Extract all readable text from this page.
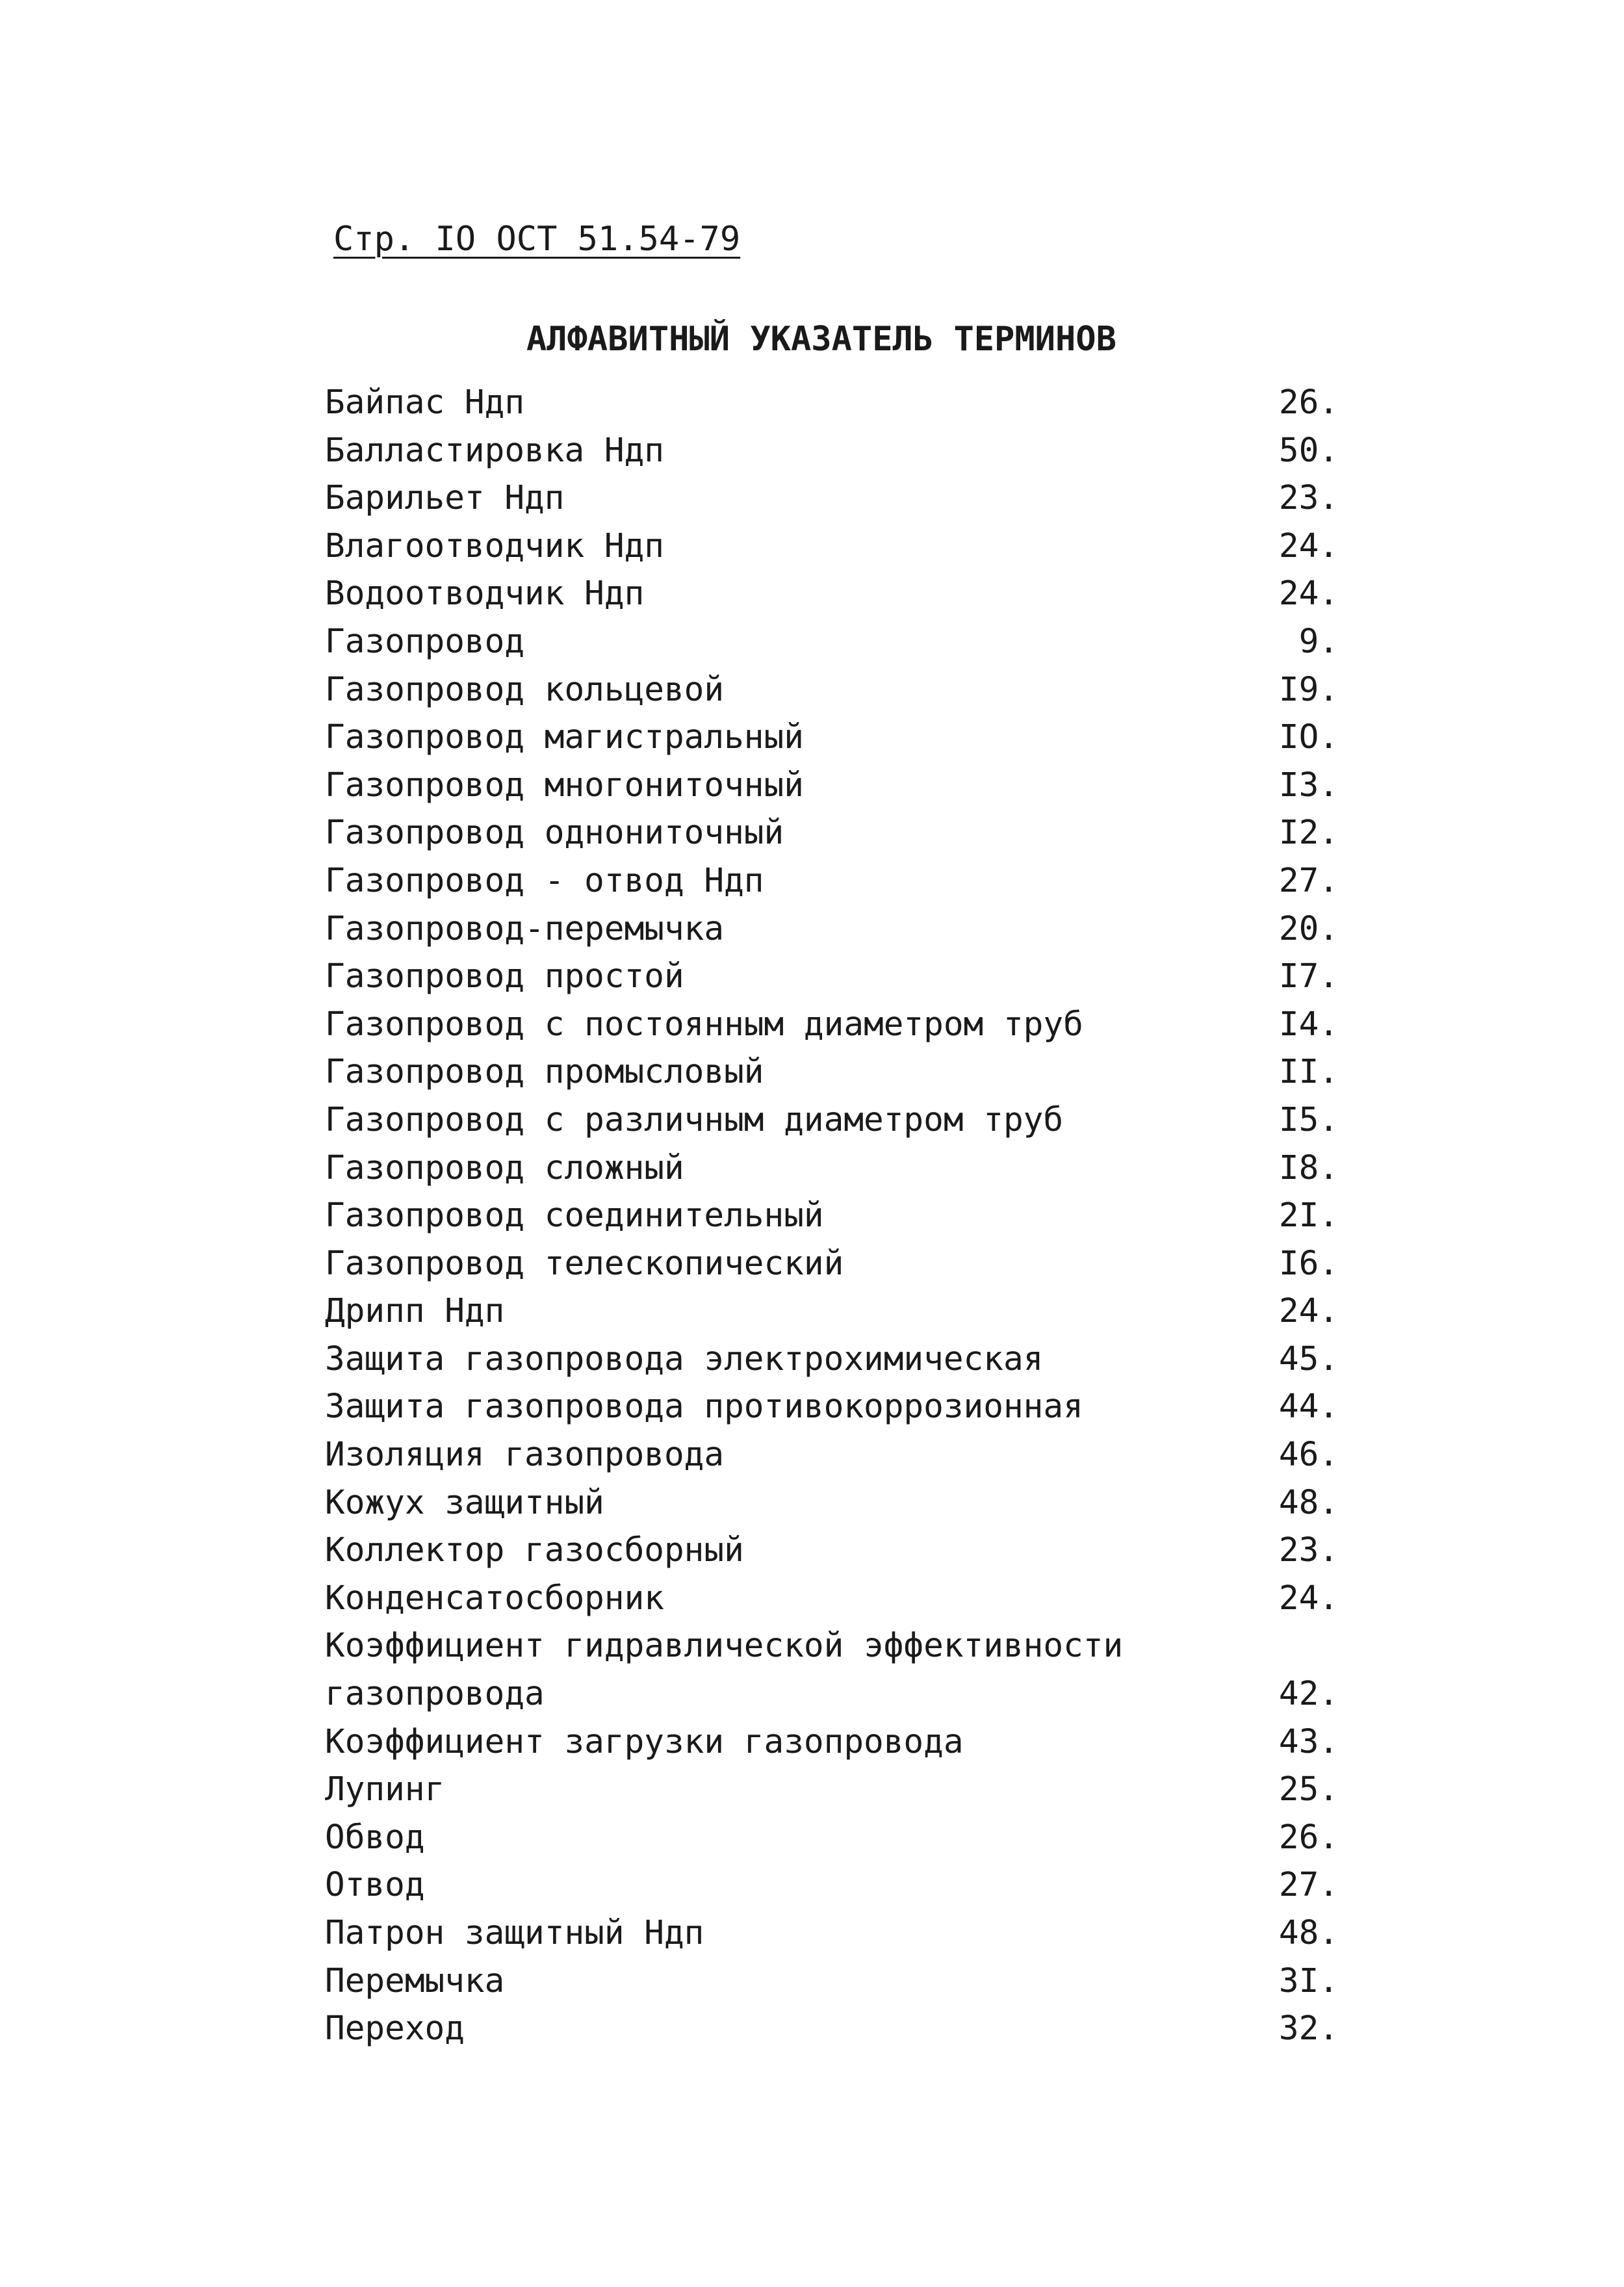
Стр. IO ОСТ 51.54-79
АЛФАВИТНЫЙ УКАЗАТЕЛЬ ТЕРМИНОВ
Байпас Ндп	26.
Балластировка Ндп	50.
Барильет Ндп	23.
Влагоотводчик Ндп	24.
Водоотводчик Ндп	24.
Газопровод	9.
Газопровод кольцевой	I9.
Газопровод магистральный	IO.
Газопровод многониточный	I3.
Газопровод однониточный	I2.
Газопровод - отвод Ндп	27.
Газопровод-перемычка	20.
Газопровод простой	I7.
Газопровод с постоянным диаметром труб	I4.
Газопровод промысловый	II.
Газопровод с различным диаметром труб	I5.
Газопровод сложный	I8.
Газопровод соединительный	2I.
Газопровод телескопический	I6.
Дрипп Ндп	24.
Защита газопровода электрохимическая	45.
Защита газопровода противокоррозионная	44.
Изоляция газопровода	46.
Кожух защитный	48.
Коллектор газосборный	23.
Конденсатосборник	24.
Коэффициент гидравлической эффективности
газопровода	42.
Коэффициент загрузки газопровода	43.
Лупинг	25.
Обвод	26.
Отвод	27.
Патрон защитный Ндп	48.
Перемычка	3I.
Переход	32.
